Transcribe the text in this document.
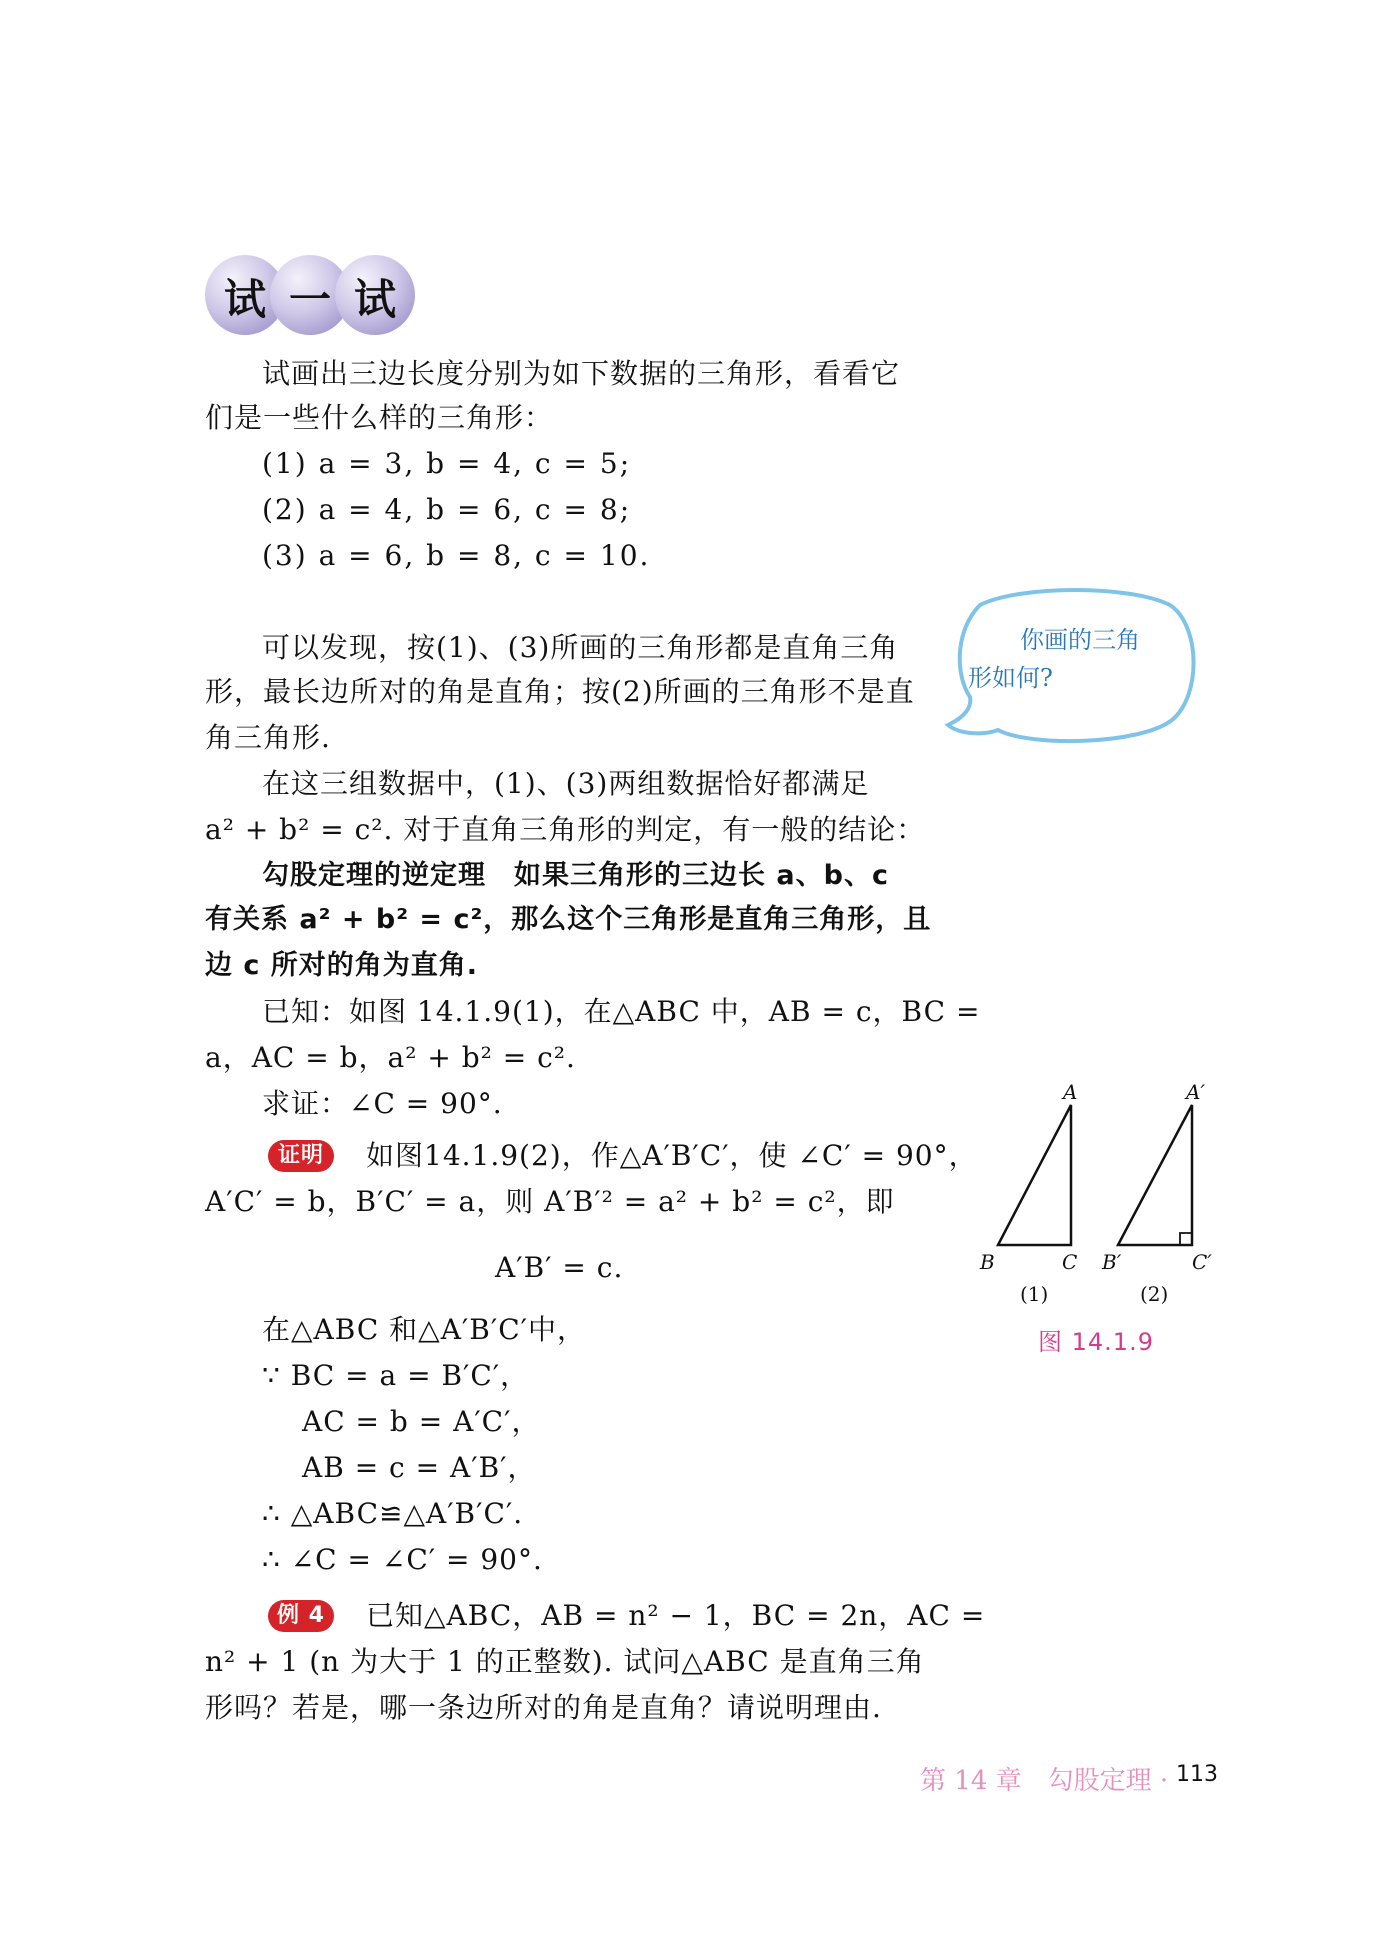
试 一 试
试画出三边长度分别为如下数据的三角形，看看它
们是一些什么样的三角形：
(1) a = 3, b = 4, c = 5;
(2) a = 4, b = 6, c = 8;
(3) a = 6, b = 8, c = 10.
可以发现，按(1)、(3)所画的三角形都是直角三角
形，最长边所对的角是直角；按(2)所画的三角形不是直
角三角形.
在这三组数据中，(1)、(3)两组数据恰好都满足
a² + b² = c². 对于直角三角形的判定，有一般的结论：
勾股定理的逆定理　如果三角形的三边长 a、b、c
有关系 a² + b² = c²，那么这个三角形是直角三角形，且
边 c 所对的角为直角.
已知：如图 14.1.9(1)，在△ABC 中，AB = c，BC =
a，AC = b，a² + b² = c².
求证：∠C = 90°.
证明	如图14.1.9(2)，作△A′B′C′，使 ∠C′ = 90°，
A′C′ = b，B′C′ = a，则 A′B′² = a² + b² = c²，即
A′B′ = c.
在△ABC 和△A′B′C′中，
∵ BC = a = B′C′，
AC = b = A′C′，
AB = c = A′B′，
∴ △ABC≌△A′B′C′.
∴ ∠C = ∠C′ = 90°.
例 4	已知△ABC，AB = n² − 1，BC = 2n，AC =
n² + 1 (n 为大于 1 的正整数). 试问△ABC 是直角三角
形吗？若是，哪一条边所对的角是直角？请说明理由.
你画的三角
形如何?
A
B	C
A′
B′	C′
(1)	(2)
图 14.1.9
第 14 章　勾股定理 · 113
